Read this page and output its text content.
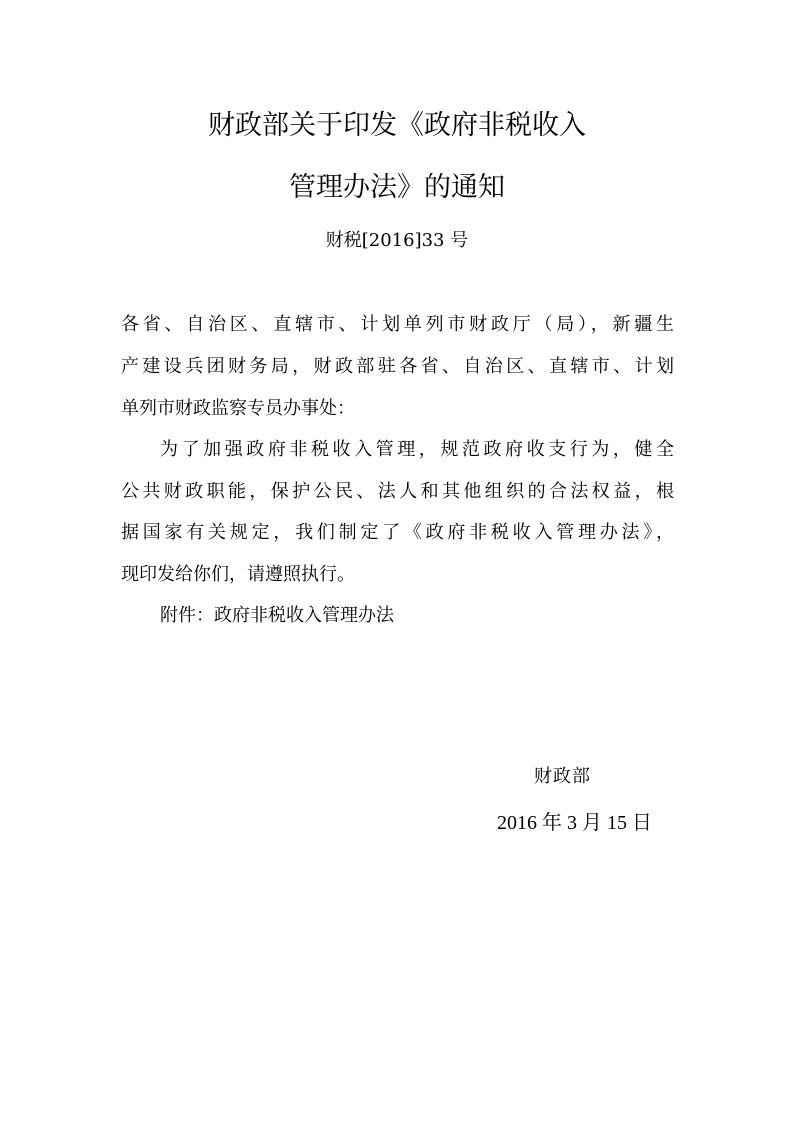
财政部关于印发《政府非税收入
管理办法》的通知
财税[2016]33 号
各省、自治区、直辖市、计划单列市财政厅（局），新疆生
产建设兵团财务局，财政部驻各省、自治区、直辖市、计划
单列市财政监察专员办事处：
为了加强政府非税收入管理，规范政府收支行为，健全
公共财政职能，保护公民、法人和其他组织的合法权益，根
据国家有关规定，我们制定了《政府非税收入管理办法》，
现印发给你们，请遵照执行。
附件：政府非税收入管理办法
财政部
2016 年 3 月 15 日
